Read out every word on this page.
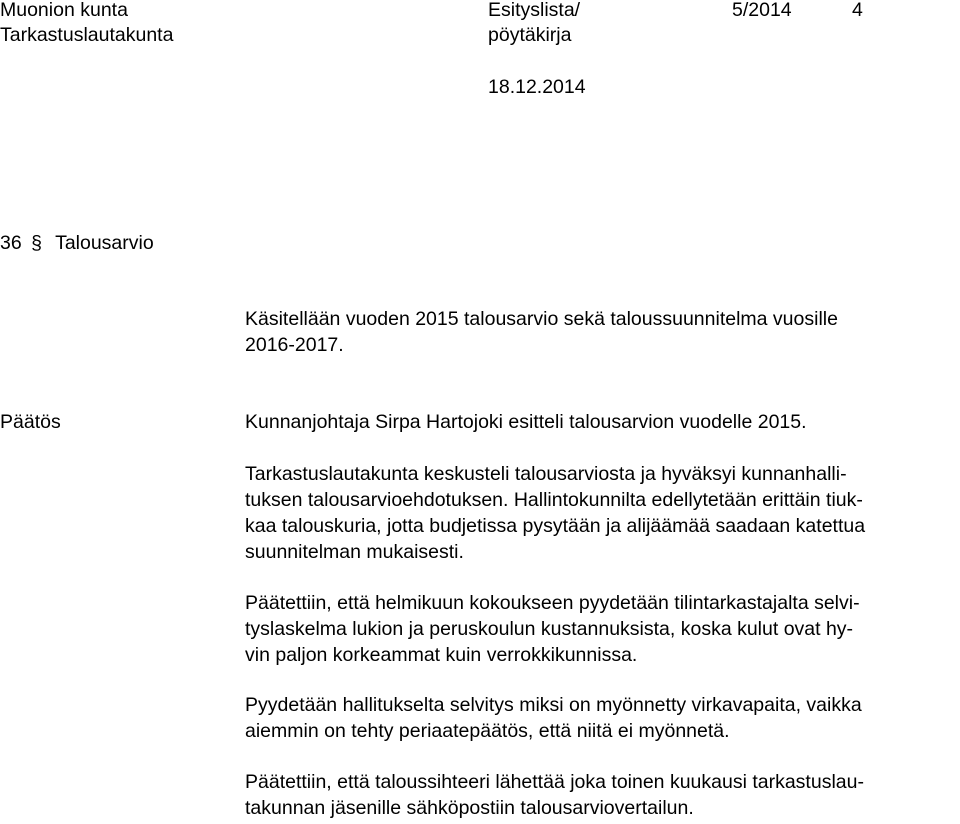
Muonion kunta
Tarkastuslautakunta
Esityslista/
pöytäkirja
5/2014	4
18.12.2014
36 § Talousarvio
Käsitellään vuoden 2015 talousarvio sekä taloussuunnitelma vuosille
2016-2017.
Päätös	Kunnanjohtaja Sirpa Hartojoki esitteli talousarvion vuodelle 2015.
Tarkastuslautakunta keskusteli talousarviosta ja hyväksyi kunnanhalli-
tuksen talousarvioehdotuksen. Hallintokunnilta edellytetään erittäin tiuk-
kaa talouskuria, jotta budjetissa pysytään ja alijäämää saadaan katettua
suunnitelman mukaisesti.
Päätettiin, että helmikuun kokoukseen pyydetään tilintarkastajalta selvi-
tyslaskelma lukion ja peruskoulun kustannuksista, koska kulut ovat hy-
vin paljon korkeammat kuin verrokkikunnissa.
Pyydetään hallitukselta selvitys miksi on myönnetty virkavapaita, vaikka
aiemmin on tehty periaatepäätös, että niitä ei myönnetä.
Päätettiin, että taloussihteeri lähettää joka toinen kuukausi tarkastuslau-
takunnan jäsenille sähköpostiin talousarviovertailun.
